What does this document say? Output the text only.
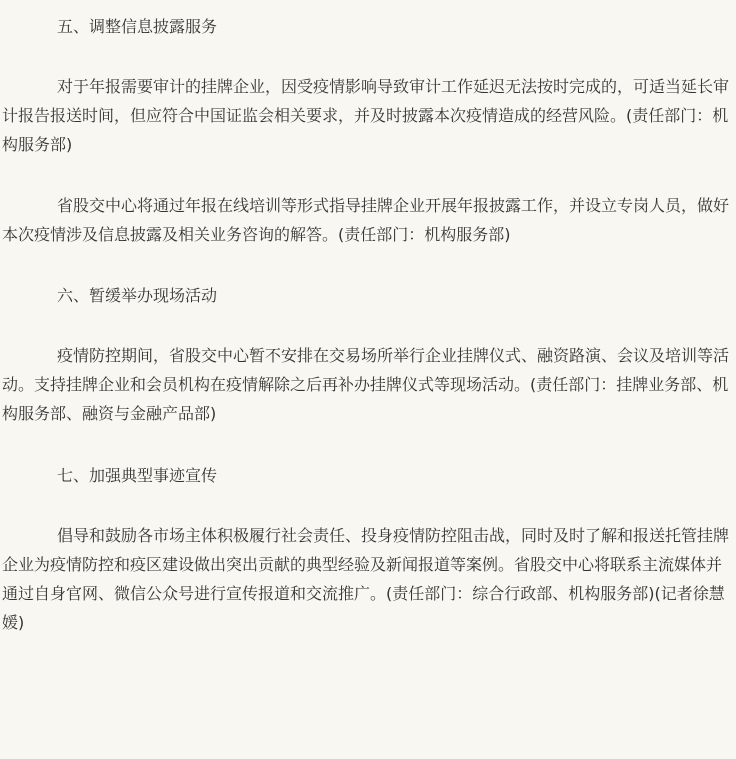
五、调整信息披露服务

对于年报需要审计的挂牌企业，因受疫情影响导致审计工作延迟无法按时完成的，可适当延长审计报告报送时间，但应符合中国证监会相关要求，并及时披露本次疫情造成的经营风险。(责任部门：机构服务部)

省股交中心将通过年报在线培训等形式指导挂牌企业开展年报披露工作，并设立专岗人员，做好本次疫情涉及信息披露及相关业务咨询的解答。(责任部门：机构服务部)

六、暂缓举办现场活动

疫情防控期间，省股交中心暂不安排在交易场所举行企业挂牌仪式、融资路演、会议及培训等活动。支持挂牌企业和会员机构在疫情解除之后再补办挂牌仪式等现场活动。(责任部门：挂牌业务部、机构服务部、融资与金融产品部)

七、加强典型事迹宣传

倡导和鼓励各市场主体积极履行社会责任、投身疫情防控阻击战，同时及时了解和报送托管挂牌企业为疫情防控和疫区建设做出突出贡献的典型经验及新闻报道等案例。省股交中心将联系主流媒体并通过自身官网、微信公众号进行宣传报道和交流推广。(责任部门：综合行政部、机构服务部)(记者徐慧媛)
